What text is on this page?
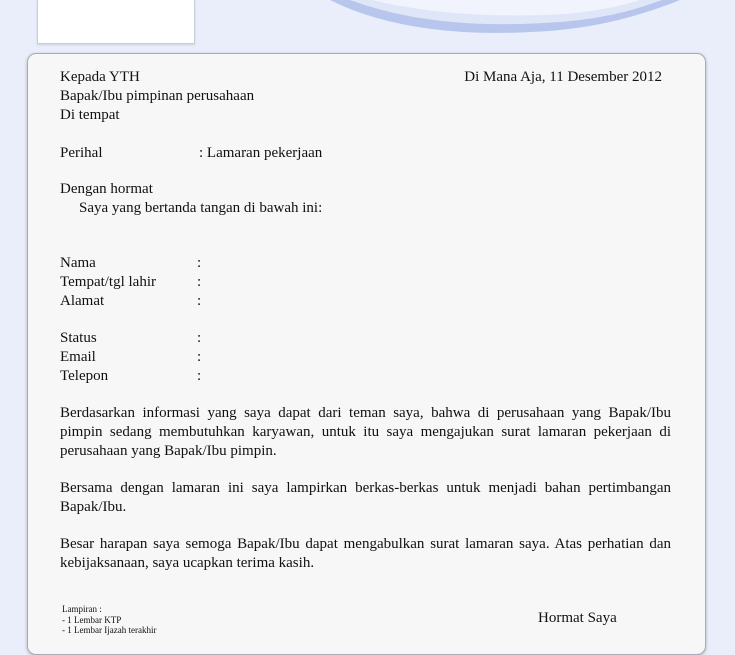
Kepada YTH	Di Mana Aja, 11 Desember 2012
Bapak/Ibu pimpinan perusahaan
Di tempat
Perihal	: Lamaran pekerjaan
Dengan hormat
Saya yang bertanda tangan di bawah ini:
Nama	:
Tempat/tgl lahir	:
Alamat	:
Status	:
Email	:
Telepon	:
Berdasarkan informasi yang saya dapat dari teman saya, bahwa di perusahaan yang Bapak/Ibu pimpin sedang membutuhkan karyawan, untuk itu saya mengajukan surat lamaran pekerjaan di perusahaan yang Bapak/Ibu pimpin.
Bersama dengan lamaran ini saya lampirkan berkas-berkas untuk menjadi bahan pertimbangan Bapak/Ibu.
Besar harapan saya semoga Bapak/Ibu dapat mengabulkan surat lamaran saya. Atas perhatian dan kebijaksanaan, saya ucapkan terima kasih.
Lampiran :
- 1 Lembar KTP
- 1 Lembar Ijazah terakhir
Hormat Saya
